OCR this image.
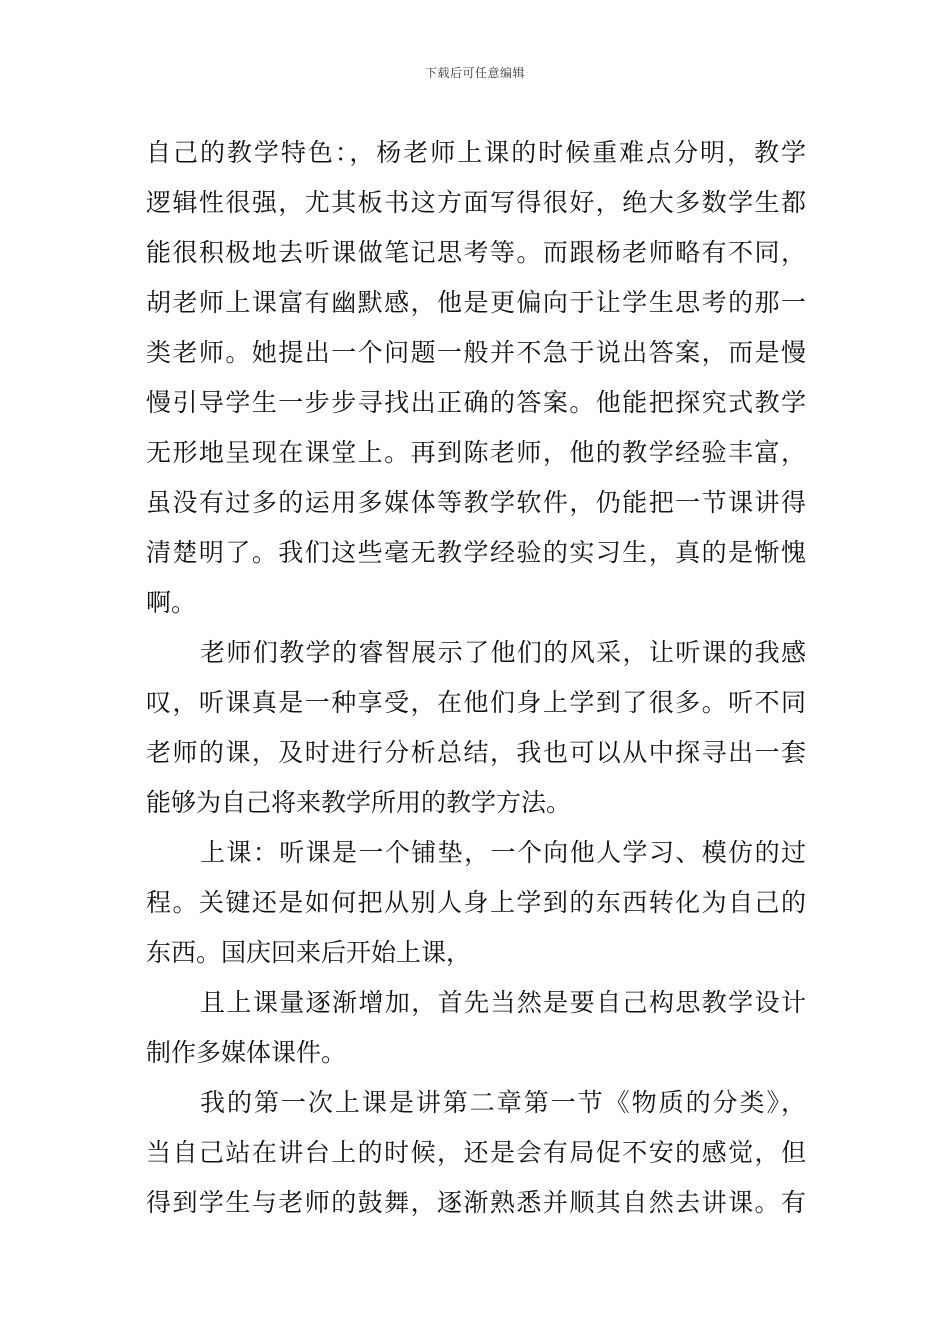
下载后可任意编辑
自己的教学特色：，杨老师上课的时候重难点分明，教学
逻辑性很强，尤其板书这方面写得很好，绝大多数学生都
能很积极地去听课做笔记思考等。而跟杨老师略有不同，
胡老师上课富有幽默感，他是更偏向于让学生思考的那一
类老师。她提出一个问题一般并不急于说出答案，而是慢
慢引导学生一步步寻找出正确的答案。他能把探究式教学
无形地呈现在课堂上。再到陈老师，他的教学经验丰富，
虽没有过多的运用多媒体等教学软件，仍能把一节课讲得
清楚明了。我们这些毫无教学经验的实习生，真的是惭愧
啊。
老师们教学的睿智展示了他们的风采，让听课的我感
叹，听课真是一种享受，在他们身上学到了很多。听不同
老师的课，及时进行分析总结，我也可以从中探寻出一套
能够为自己将来教学所用的教学方法。
上课：听课是一个铺垫，一个向他人学习、模仿的过
程。关键还是如何把从别人身上学到的东西转化为自己的
东西。国庆回来后开始上课，
且上课量逐渐增加，首先当然是要自己构思教学设计
制作多媒体课件。
我的第一次上课是讲第二章第一节《物质的分类》，
当自己站在讲台上的时候，还是会有局促不安的感觉，但
得到学生与老师的鼓舞，逐渐熟悉并顺其自然去讲课。有
